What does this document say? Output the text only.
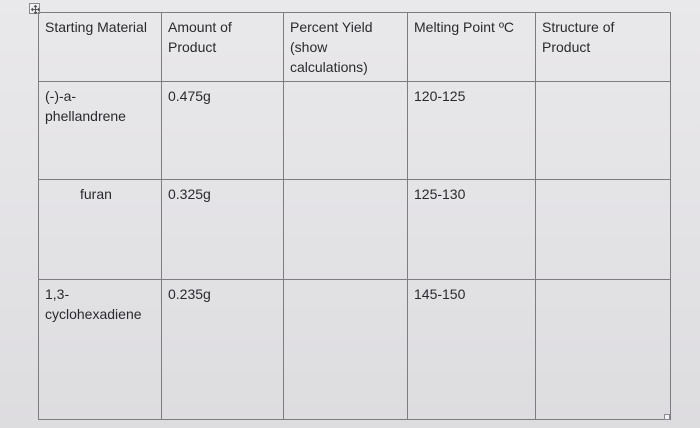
Starting Material	Amount of Product	Percent Yield (show calculations)	Melting Point ºC	Structure of Product
(-)-a-phellandrene	0.475g		120-125	
furan	0.325g		125-130	
1,3-cyclohexadiene	0.235g		145-150	
